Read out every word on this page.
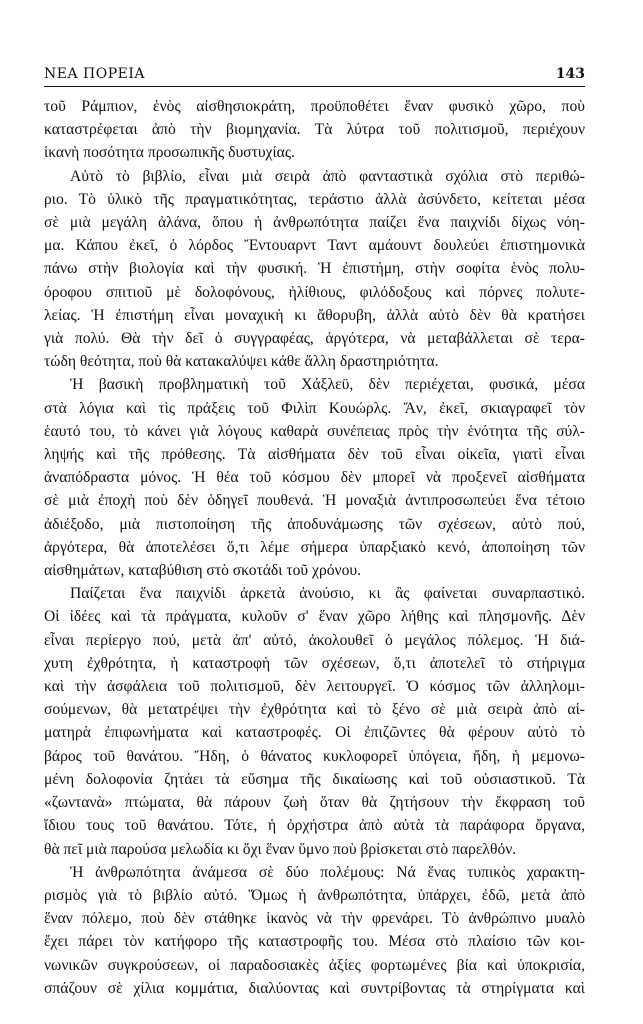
ΝΕΑ ΠΟΡΕΙΑ	143
τοῦ Ράμπιον, ἑνὸς αἰσθησιοκράτη, προϋποθέτει ἕναν φυσικὸ χῶρο, ποὺ
καταστρέφεται ἀπὸ τὴν βιομηχανία. Τὰ λύτρα τοῦ πολιτισμοῦ, περιέχουν
ἱκανὴ ποσότητα προσωπικῆς δυστυχίας.
Αὐτὸ τὸ βιβλίο, εἶναι μιὰ σειρὰ ἀπὸ φανταστικὰ σχόλια στὸ περιθώ-
ριο. Τὸ ὑλικὸ τῆς πραγματικότητας, τεράστιο ἀλλὰ ἀσύνδετο, κείτεται μέσα
σὲ μιὰ μεγάλη ἀλάνα, ὅπου ἡ ἀνθρωπότητα παίζει ἕνα παιχνίδι δίχως νόη-
μα. Κάπου ἐκεῖ, ὁ λόρδος Ἔντουαρντ Ταντ αμάουντ δουλεύει ἐπιστημονικὰ
πάνω στὴν βιολογία καὶ τὴν φυσική. Ἡ ἐπιστήμη, στὴν σοφίτα ἑνὸς πολυ-
όροφου σπιτιοῦ μὲ δολοφόνους, ἠλίθιους, φιλόδοξους καὶ πόρνες πολυτε-
λείας. Ἡ ἐπιστήμη εἶναι μοναχικὴ κι ἄθορυβη, ἀλλὰ αὐτὸ δὲν θὰ κρατήσει
γιὰ πολύ. Θὰ τὴν δεῖ ὁ συγγραφέας, ἀργότερα, νὰ μεταβάλλεται σὲ τερα-
τώδη θεότητα, ποὺ θὰ κατακαλύψει κάθε ἄλλη δραστηριότητα.
Ἡ βασικὴ προβληματικὴ τοῦ Χάξλεϋ, δὲν περιέχεται, φυσικά, μέσα
στὰ λόγια καὶ τὶς πράξεις τοῦ Φιλὶπ Κουώρλς. Ἄν, ἐκεῖ, σκιαγραφεῖ τὸν
ἑαυτό του, τὸ κάνει γιὰ λόγους καθαρὰ συνέπειας πρὸς τὴν ἑνότητα τῆς σύλ-
ληψής καὶ τῆς πρόθεσης. Τὰ αἰσθήματα δὲν τοῦ εἶναι οἰκεῖα, γιατὶ εἶναι
ἀναπόδραστα μόνος. Ἡ θέα τοῦ κόσμου δὲν μπορεῖ νὰ προξενεῖ αἰσθήματα
σὲ μιὰ ἐποχὴ ποὺ δὲν ὁδηγεῖ πουθενά. Ἡ μοναξιὰ ἀντιπροσωπεύει ἕνα τέτοιο
ἀδιέξοδο, μιὰ πιστοποίηση τῆς ἀποδυνάμωσης τῶν σχέσεων, αὐτὸ πού,
ἀργότερα, θὰ ἀποτελέσει ὅ,τι λέμε σήμερα ὑπαρξιακὸ κενό, ἀποποίηση τῶν
αἰσθημάτων, καταβύθιση στὸ σκοτάδι τοῦ χρόνου.
Παίζεται ἕνα παιχνίδι ἀρκετὰ ἀνούσιο, κι ἂς φαίνεται συναρπαστικό.
Οἱ ἰδέες καὶ τὰ πράγματα, κυλοῦν σ' ἕναν χῶρο λήθης καὶ πλησμονῆς. Δὲν
εἶναι περίεργο πού, μετὰ ἀπ' αὐτό, ἀκολουθεῖ ὁ μεγάλος πόλεμος. Ἡ διά-
χυτη ἐχθρότητα, ἡ καταστροφὴ τῶν σχέσεων, ὅ,τι ἀποτελεῖ τὸ στήριγμα
καὶ τὴν ἀσφάλεια τοῦ πολιτισμοῦ, δὲν λειτουργεῖ. Ὁ κόσμος τῶν ἀλληλομι-
σούμενων, θὰ μετατρέψει τὴν ἐχθρότητα καὶ τὸ ξένο σὲ μιὰ σειρὰ ἀπὸ αἱ-
ματηρὰ ἐπιφωνήματα καὶ καταστροφές. Οἱ ἐπιζῶντες θὰ φέρουν αὐτὸ τὸ
βάρος τοῦ θανάτου. Ἤδη, ὁ θάνατος κυκλοφορεῖ ὑπόγεια, ἤδη, ἡ μεμονω-
μένη δολοφονία ζητάει τὰ εὔσημα τῆς δικαίωσης καὶ τοῦ οὐσιαστικοῦ. Τὰ
«ζωντανὰ» πτώματα, θὰ πάρουν ζωὴ ὅταν θὰ ζητήσουν τὴν ἔκφραση τοῦ
ἴδιου τους τοῦ θανάτου. Τότε, ἡ ὀρχήστρα ἀπὸ αὐτὰ τὰ παράφορα ὄργανα,
θὰ πεῖ μιὰ παρούσα μελωδία κι ὄχι ἕναν ὕμνο ποὺ βρίσκεται στὸ παρελθόν.
Ἡ ἀνθρωπότητα ἀνάμεσα σὲ δύο πολέμους: Νά ἕνας τυπικὸς χαρακτη-
ρισμὸς γιὰ τὸ βιβλίο αὐτό. Ὅμως ἡ ἀνθρωπότητα, ὑπάρχει, ἐδῶ, μετὰ ἀπὸ
ἕναν πόλεμο, ποὺ δὲν στάθηκε ἱκανὸς νὰ τὴν φρενάρει. Τὸ ἀνθρώπινο μυαλὸ
ἔχει πάρει τὸν κατήφορο τῆς καταστροφῆς του. Μέσα στὸ πλαίσιο τῶν κοι-
νωνικῶν συγκρούσεων, οἱ παραδοσιακὲς ἀξίες φορτωμένες βία καὶ ὑποκρισία,
σπάζουν σὲ χίλια κομμάτια, διαλύοντας καὶ συντρίβοντας τὰ στηρίγματα καὶ
